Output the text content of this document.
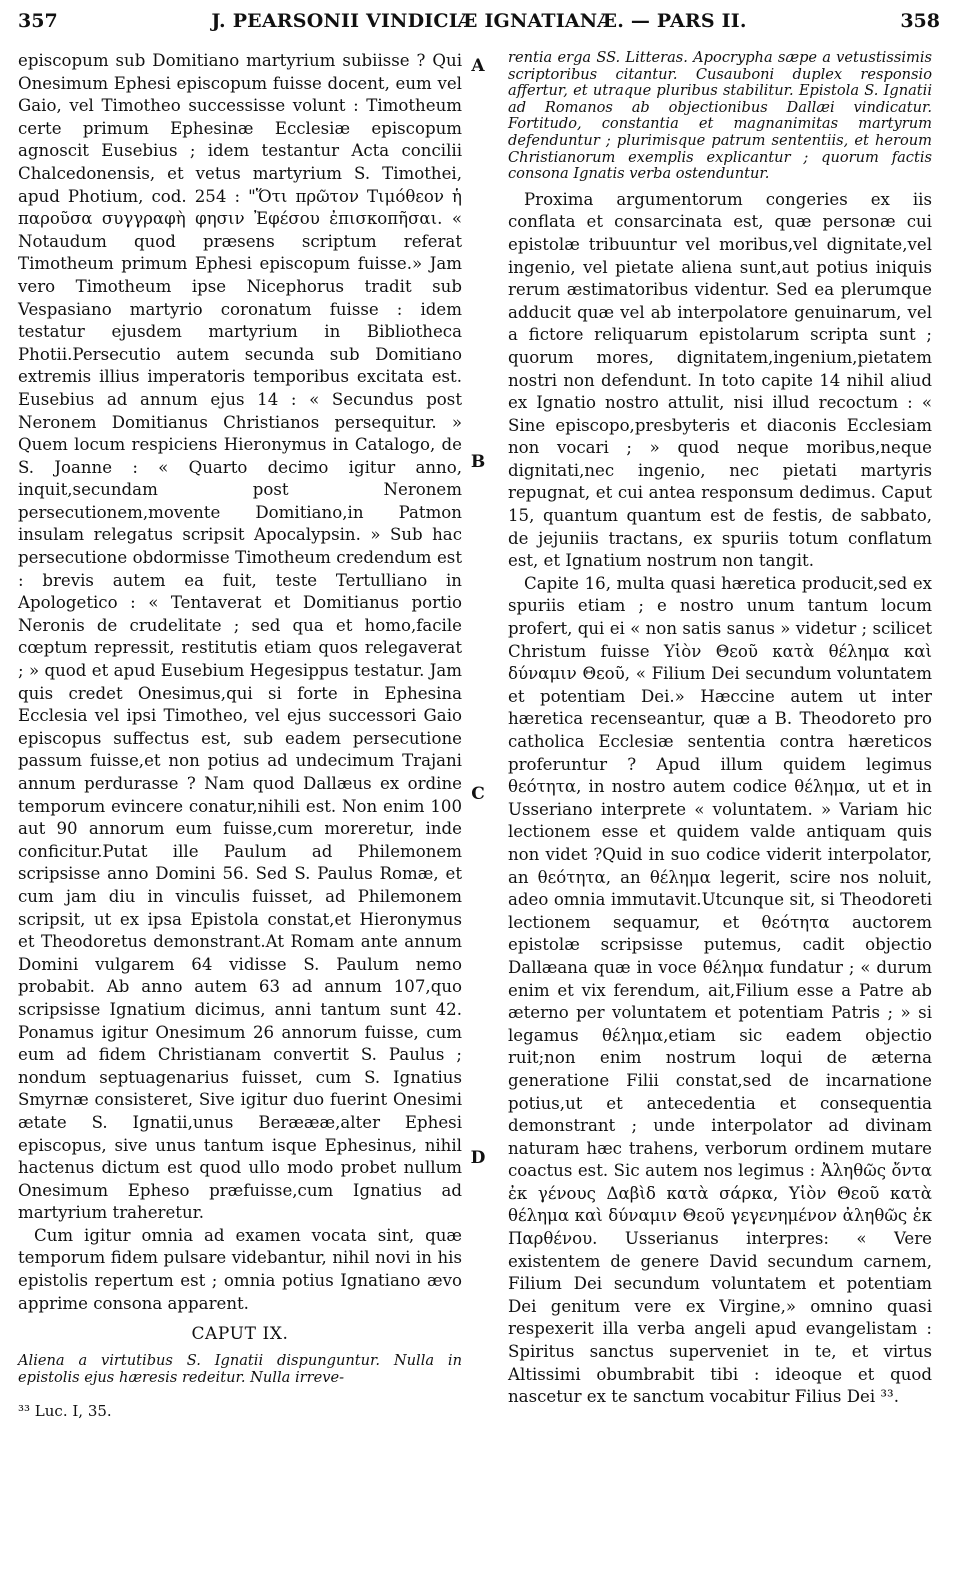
357	J. PEARSONII VINDICIÆ IGNATIANÆ. — PARS II.	358
A
B
C
D

episcopum sub Domitiano martyrium subiisse ? Qui Onesimum Ephesi episcopum fuisse docent, eum vel Gaio, vel Timotheo successisse volunt : Timotheum certe primum Ephesinæ Ecclesiæ episcopum agnoscit Eusebius ; idem testantur Acta concilii Chalcedonensis, et vetus martyrium S. Timothei, apud Photium, cod. 254 : "Ὅτι πρῶτον Τιμόθεον ἡ παροῦσα συγγραφὴ φησιν Ἐφέσου ἐπισκοπῆσαι. « Notaudum quod præsens scriptum referat Timotheum primum Ephesi episcopum fuisse.» Jam vero Timotheum ipse Nicephorus tradit sub Vespasiano martyrio coronatum fuisse : idem testatur ejusdem martyrium in Bibliotheca Photii.Persecutio autem secunda sub Domitiano extremis illius imperatoris temporibus excitata est. Eusebius ad annum ejus 14 : « Secundus post Neronem Domitianus Christianos persequitur. » Quem locum respiciens Hieronymus in Catalogo, de S. Joanne : « Quarto decimo igitur anno, inquit,secundam post Neronem persecutionem,movente Domitiano,in Patmon insulam relegatus scripsit Apocalypsin. » Sub hac persecutione obdormisse Timotheum credendum est : brevis autem ea fuit, teste Tertulliano in Apologetico : « Tentaverat et Domitianus portio Neronis de crudelitate ; sed qua et homo,facile cœptum repressit, restitutis etiam quos relegaverat ; » quod et apud Eusebium Hegesippus testatur. Jam quis credet Onesimus,qui si forte in Ephesina Ecclesia vel ipsi Timotheo, vel ejus successori Gaio episcopus suffectus est, sub eadem persecutione passum fuisse,et non potius ad undecimum Trajani annum perdurasse ? Nam quod Dallæus ex ordine temporum evincere conatur,nihili est. Non enim 100 aut 90 annorum eum fuisse,cum moreretur, inde conficitur.Putat ille Paulum ad Philemonem scripsisse anno Domini 56. Sed S. Paulus Romæ, et cum jam diu in vinculis fuisset, ad Philemonem scripsit, ut ex ipsa Epistola constat,et Hieronymus et Theodoretus demonstrant.At Romam ante annum Domini vulgarem 64 vidisse S. Paulum nemo probabit. Ab anno autem 63 ad annum 107,quo scripsisse Ignatium dicimus, anni tantum sunt 42. Ponamus igitur Onesimum 26 annorum fuisse, cum eum ad fidem Christianam convertit S. Paulus ; nondum septuagenarius fuisset, cum S. Ignatius Smyrnæ consisteret, Sive igitur duo fuerint Onesimi ætate S. Ignatii,unus Beræææ,alter Ephesi episcopus, sive unus tantum isque Ephesinus, nihil hactenus dictum est quod ullo modo probet nullum Onesimum Epheso præfuisse,cum Ignatius ad martyrium traheretur.

Cum igitur omnia ad examen vocata sint, quæ temporum fidem pulsare videbantur, nihil novi in his epistolis repertum est ; omnia potius Ignatiano ævo apprime consona apparent.

CAPUT IX.

Aliena a virtutibus S. Ignatii dispunguntur. Nulla in epistolis ejus hæresis redeitur. Nulla irreve-

³³ Luc. I, 35.

rentia erga SS. Litteras. Apocrypha sæpe a vetustissimis scriptoribus citantur. Cusauboni duplex responsio affertur, et utraque pluribus stabilitur. Epistola S. Ignatii ad Romanos ab objectionibus Dallæi vindicatur. Fortitudo, constantia et magnanimitas martyrum defenduntur ; plurimisque patrum sententiis, et heroum Christianorum exemplis explicantur ; quorum factis consona Ignatis verba ostenduntur.

Proxima argumentorum congeries ex iis conflata et consarcinata est, quæ personæ cui epistolæ tribuuntur vel moribus,vel dignitate,vel ingenio, vel pietate aliena sunt,aut potius iniquis rerum æstimatoribus videntur. Sed ea plerumque adducit quæ vel ab interpolatore genuinarum, vel a fictore reliquarum epistolarum scripta sunt ; quorum mores, dignitatem,ingenium,pietatem nostri non defendunt. In toto capite 14 nihil aliud ex Ignatio nostro attulit, nisi illud recoctum : « Sine episcopo,presbyteris et diaconis Ecclesiam non vocari ; » quod neque moribus,neque dignitati,nec ingenio, nec pietati martyris repugnat, et cui antea responsum dedimus. Caput 15, quantum quantum est de festis, de sabbato, de jejuniis tractans, ex spuriis totum conflatum est, et Ignatium nostrum non tangit.

Capite 16, multa quasi hæretica producit,sed ex spuriis etiam ; e nostro unum tantum locum profert, qui ei « non satis sanus » videtur ; scilicet Christum fuisse Υἱὸν Θεοῦ κατὰ θέλημα καὶ δύναμιν Θεοῦ, « Filium Dei secundum voluntatem et potentiam Dei.» Hæccine autem ut inter hæretica recenseantur, quæ a B. Theodoreto pro catholica Ecclesiæ sententia contra hæreticos proferuntur ? Apud illum quidem legimus θεότητα, in nostro autem codice θέλημα, ut et in Usseriano interprete « voluntatem. » Variam hic lectionem esse et quidem valde antiquam quis non videt ?Quid in suo codice viderit interpolator, an θεότητα, an θέλημα legerit, scire nos noluit, adeo omnia immutavit.Utcunque sit, si Theodoreti lectionem sequamur, et θεότητα auctorem epistolæ scripsisse putemus, cadit objectio Dallæana quæ in voce θέλημα fundatur ; « durum enim et vix ferendum, ait,Filium esse a Patre ab æterno per voluntatem et potentiam Patris ; » si legamus θέλημα,etiam sic eadem objectio ruit;non enim nostrum loqui de æterna generatione Filii constat,sed de incarnatione potius,ut et antecedentia et consequentia demonstrant ; unde interpolator ad divinam naturam hæc trahens, verborum ordinem mutare coactus est. Sic autem nos legimus : Ἀληθῶς ὄντα ἐκ γένους Δαβὶδ κατὰ σάρκα, Υἱὸν Θεοῦ κατὰ θέλημα καὶ δύναμιν Θεοῦ γεγενημένον ἀληθῶς ἐκ Παρθένου. Usserianus interpres: « Vere existentem de genere David secundum carnem, Filium Dei secundum voluntatem et potentiam Dei genitum vere ex Virgine,» omnino quasi respexerit illa verba angeli apud evangelistam : Spiritus sanctus superveniet in te, et virtus Altissimi obumbrabit tibi : ideoque et quod nascetur ex te sanctum vocabitur Filius Dei ³³.
